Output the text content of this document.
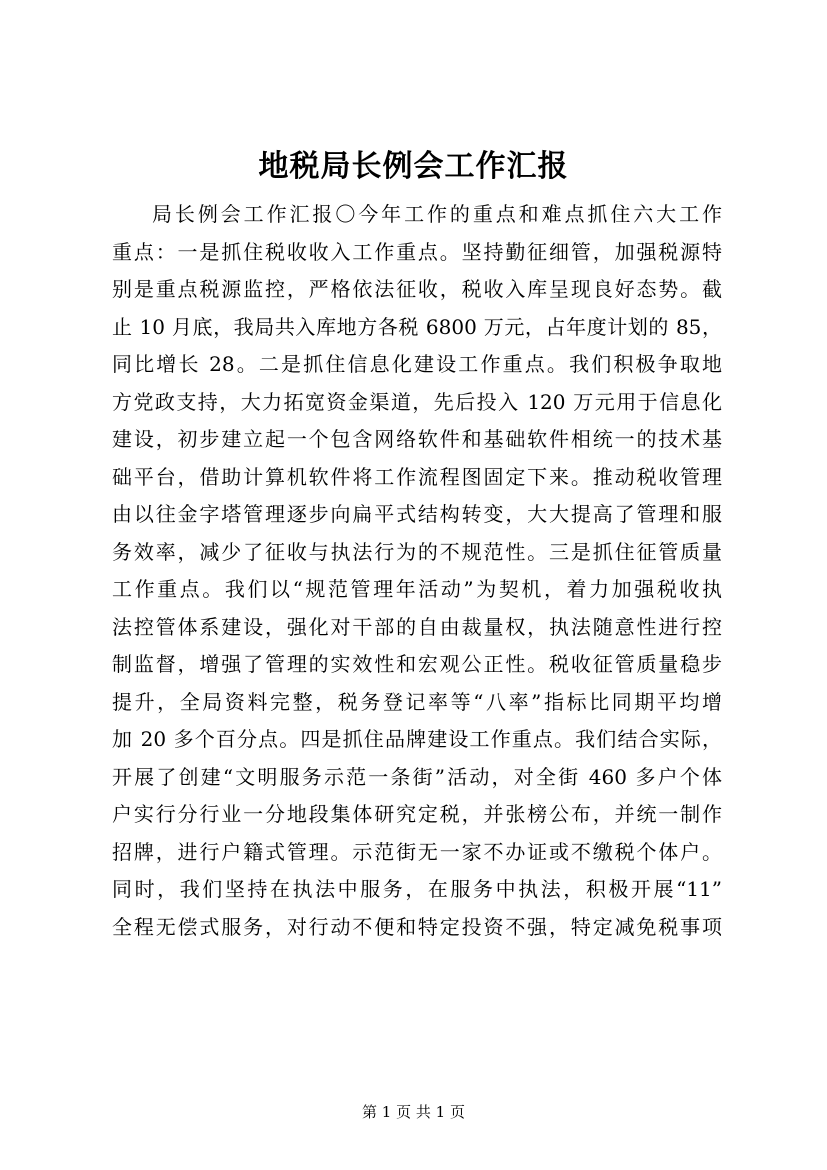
地税局长例会工作汇报
局长例会工作汇报〇今年工作的重点和难点抓住六大工作
重点：一是抓住税收收入工作重点。坚持勤征细管，加强税源特
别是重点税源监控，严格依法征收，税收入库呈现良好态势。截
止 10 月底，我局共入库地方各税 6800 万元，占年度计划的 85，
同比增长 28。二是抓住信息化建设工作重点。我们积极争取地
方党政支持，大力拓宽资金渠道，先后投入 120 万元用于信息化
建设，初步建立起一个包含网络软件和基础软件相统一的技术基
础平台，借助计算机软件将工作流程图固定下来。推动税收管理
由以往金字塔管理逐步向扁平式结构转变，大大提高了管理和服
务效率，减少了征收与执法行为的不规范性。三是抓住征管质量
工作重点。我们以“规范管理年活动”为契机，着力加强税收执
法控管体系建设，强化对干部的自由裁量权，执法随意性进行控
制监督，增强了管理的实效性和宏观公正性。税收征管质量稳步
提升，全局资料完整，税务登记率等“八率”指标比同期平均增
加 20 多个百分点。四是抓住品牌建设工作重点。我们结合实际，
开展了创建“文明服务示范一条街”活动，对全街 460 多户个体
户实行分行业一分地段集体研究定税，并张榜公布，并统一制作
招牌，进行户籍式管理。示范街无一家不办证或不缴税个体户。
同时，我们坚持在执法中服务，在服务中执法，积极开展“11”
全程无偿式服务，对行动不便和特定投资不强，特定减免税事项
第 1 页 共 1 页
